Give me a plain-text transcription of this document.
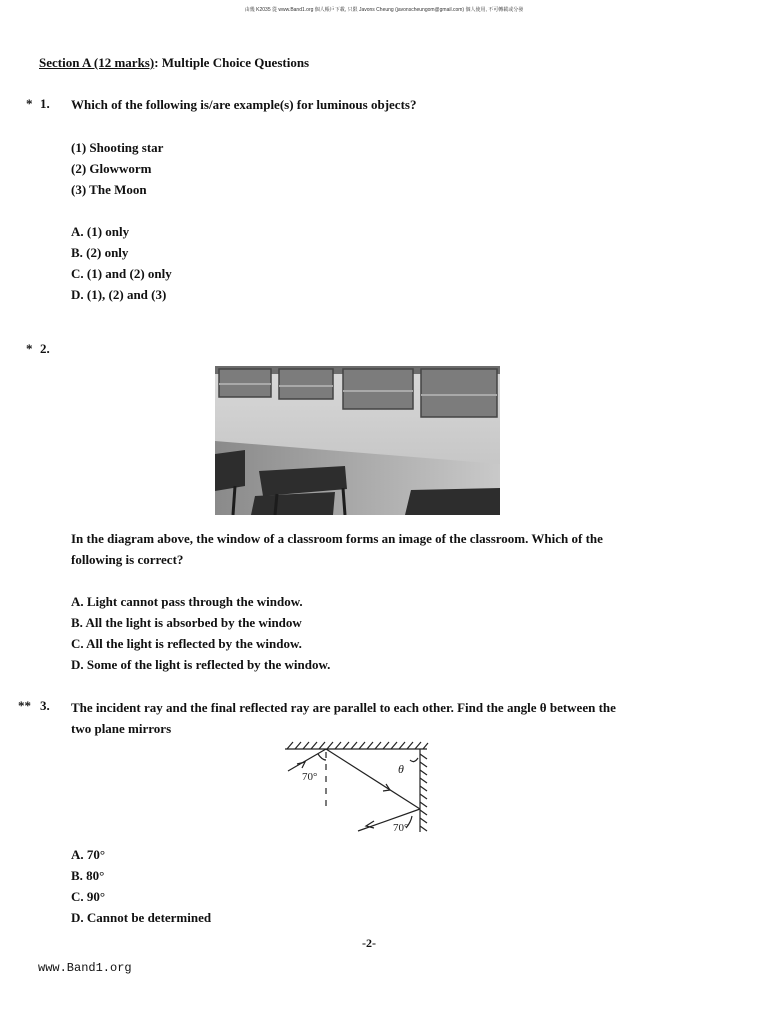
由幾 K2035 從 www.Band1.org 個人帳戶下載, 只限 Javons Cheung (javonscheungom@gmail.com) 個人使用, 不可轉載或分發
Section A (12 marks): Multiple Choice Questions
* 1. Which of the following is/are example(s) for luminous objects?
(1) Shooting star
(2) Glowworm
(3) The Moon
A. (1) only
B. (2) only
C. (1) and (2) only
D. (1), (2) and (3)
* 2.
In the diagram above, the window of a classroom forms an image of the classroom. Which of the
following is correct?
A. Light cannot pass through the window.
B. All the light is absorbed by the window
C. All the light is reflected by the window.
D. Some of the light is reflected by the window.
** 3. The incident ray and the final reflected ray are parallel to each other. Find the angle θ between the
two plane mirrors
70°
θ
70°
A. 70°
B. 80°
C. 90°
D. Cannot be determined
-2-
www.Band1.org
